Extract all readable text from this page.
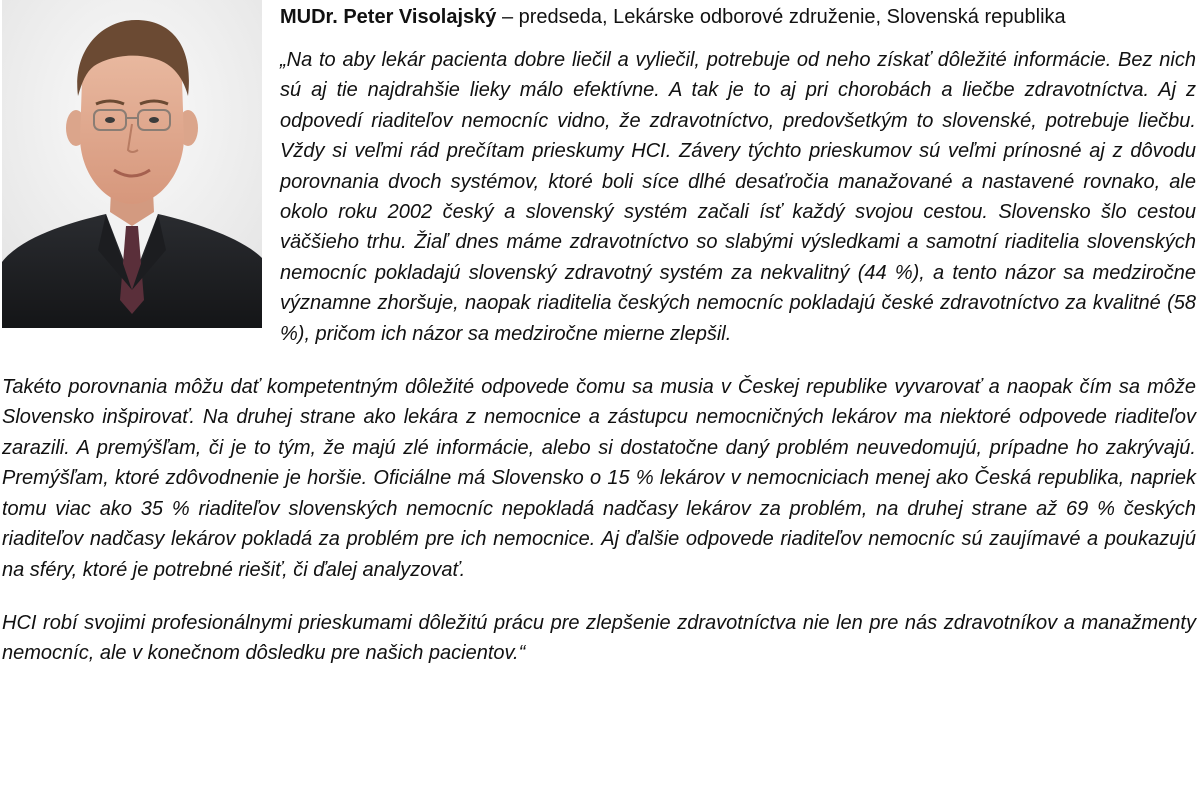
MUDr. Peter Visolajský – predseda, Lekárske odborové združenie, Slovenská republika

„Na to aby lekár pacienta dobre liečil a vyliečil, potrebuje od neho získať dôležité informácie. Bez nich sú aj tie najdrahšie lieky málo efektívne. A tak je to aj pri chorobách a liečbe zdravotníctva. Aj z odpovedí riaditeľov nemocníc vidno, že zdravotníctvo, predovšetkým to slovenské, potrebuje liečbu. Vždy si veľmi rád prečítam prieskumy HCI. Závery týchto prieskumov sú veľmi prínosné aj z dôvodu porovnania dvoch systémov, ktoré boli síce dlhé desaťročia manažované a nastavené rovnako, ale okolo roku 2002 český a slovenský systém začali ísť každý svojou cestou. Slovensko šlo cestou väčšieho trhu. Žiaľ dnes máme zdravotníctvo so slabými výsledkami a samotní riaditelia slovenských nemocníc pokladajú slovenský zdravotný systém za nekvalitný (44 %), a tento názor sa medziročne významne zhoršuje, naopak riaditelia českých nemocníc pokladajú české zdravotníctvo za kvalitné (58 %), pričom ich názor sa medziročne mierne zlepšil.

Takéto porovnania môžu dať kompetentným dôležité odpovede čomu sa musia v Českej republike vyvarovať a naopak čím sa môže Slovensko inšpirovať. Na druhej strane ako lekára z nemocnice a zástupcu nemocničných lekárov ma niektoré odpovede riaditeľov zarazili. A premýšľam, či je to tým, že majú zlé informácie, alebo si dostatočne daný problém neuvedomujú, prípadne ho zakrývajú. Premýšľam, ktoré zdôvodnenie je horšie. Oficiálne má Slovensko o 15 % lekárov v nemocniciach menej ako Česká republika, napriek tomu viac ako 35 % riaditeľov slovenských nemocníc nepokladá nadčasy lekárov za problém, na druhej strane až 69 % českých riaditeľov nadčasy lekárov pokladá za problém pre ich nemocnice. Aj ďalšie odpovede riaditeľov nemocníc sú zaujímavé a poukazujú na sféry, ktoré je potrebné riešiť, či ďalej analyzovať.

HCI robí svojimi profesionálnymi prieskumami dôležitú prácu pre zlepšenie zdravotníctva nie len pre nás zdravotníkov a manažmenty nemocníc, ale v konečnom dôsledku pre našich pacientov.“
